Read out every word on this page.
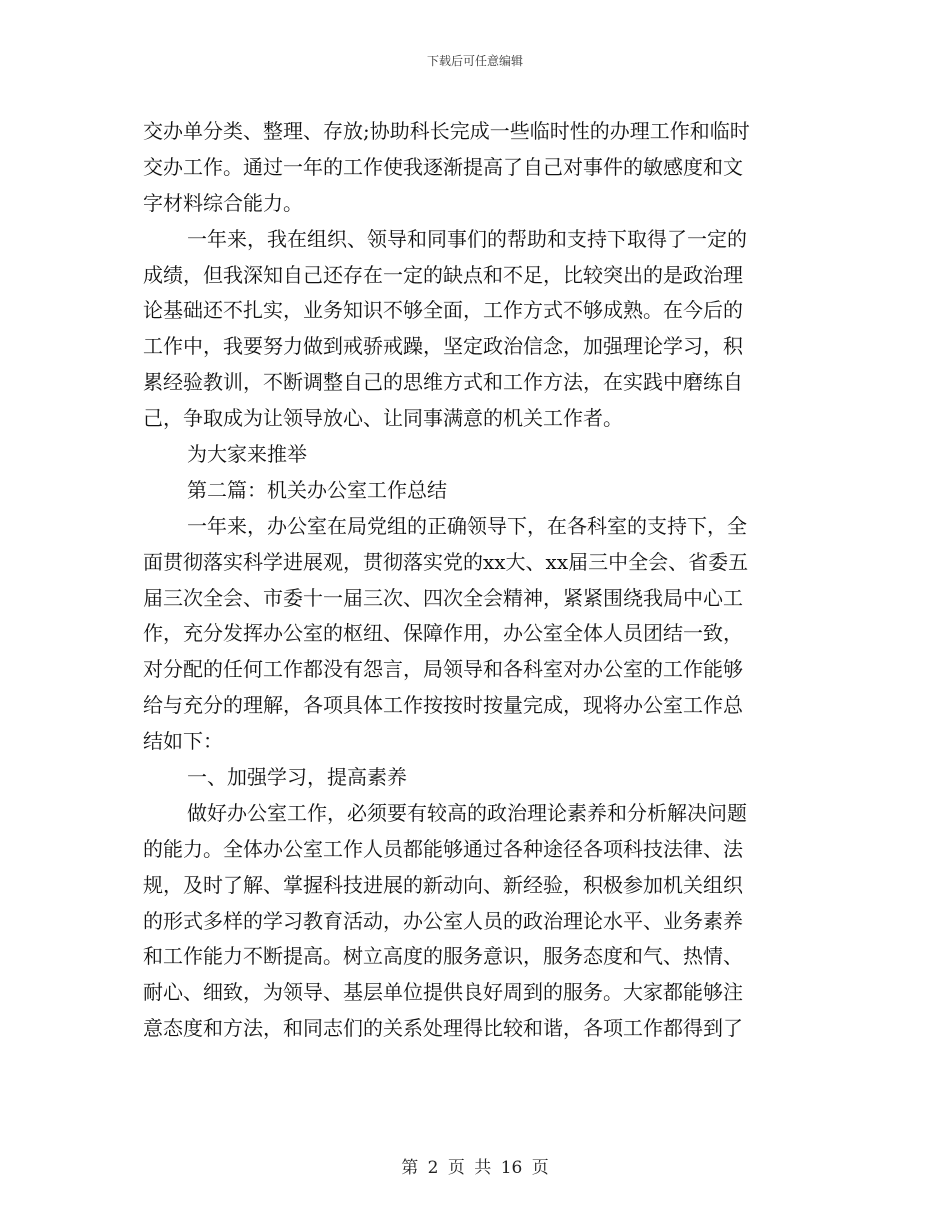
下载后可任意编辑
交办单分类、整理、存放;协助科长完成一些临时性的办理工作和临时
交办工作。通过一年的工作使我逐渐提高了自己对事件的敏感度和文
字材料综合能力。
一年来，我在组织、领导和同事们的帮助和支持下取得了一定的
成绩，但我深知自己还存在一定的缺点和不足，比较突出的是政治理
论基础还不扎实，业务知识不够全面，工作方式不够成熟。在今后的
工作中，我要努力做到戒骄戒躁，坚定政治信念，加强理论学习，积
累经验教训，不断调整自己的思维方式和工作方法，在实践中磨练自
己，争取成为让领导放心、让同事满意的机关工作者。
为大家来推举
第二篇：机关办公室工作总结
一年来，办公室在局党组的正确领导下，在各科室的支持下，全
面贯彻落实科学进展观，贯彻落实党的xx大、xx届三中全会、省委五
届三次全会、市委十一届三次、四次全会精神，紧紧围绕我局中心工
作，充分发挥办公室的枢纽、保障作用，办公室全体人员团结一致，
对分配的任何工作都没有怨言，局领导和各科室对办公室的工作能够
给与充分的理解，各项具体工作按按时按量完成，现将办公室工作总
结如下：
一、加强学习，提高素养
做好办公室工作，必须要有较高的政治理论素养和分析解决问题
的能力。全体办公室工作人员都能够通过各种途径各项科技法律、法
规，及时了解、掌握科技进展的新动向、新经验，积极参加机关组织
的形式多样的学习教育活动，办公室人员的政治理论水平、业务素养
和工作能力不断提高。树立高度的服务意识，服务态度和气、热情、
耐心、细致，为领导、基层单位提供良好周到的服务。大家都能够注
意态度和方法，和同志们的关系处理得比较和谐，各项工作都得到了
第 2 页 共 16 页
